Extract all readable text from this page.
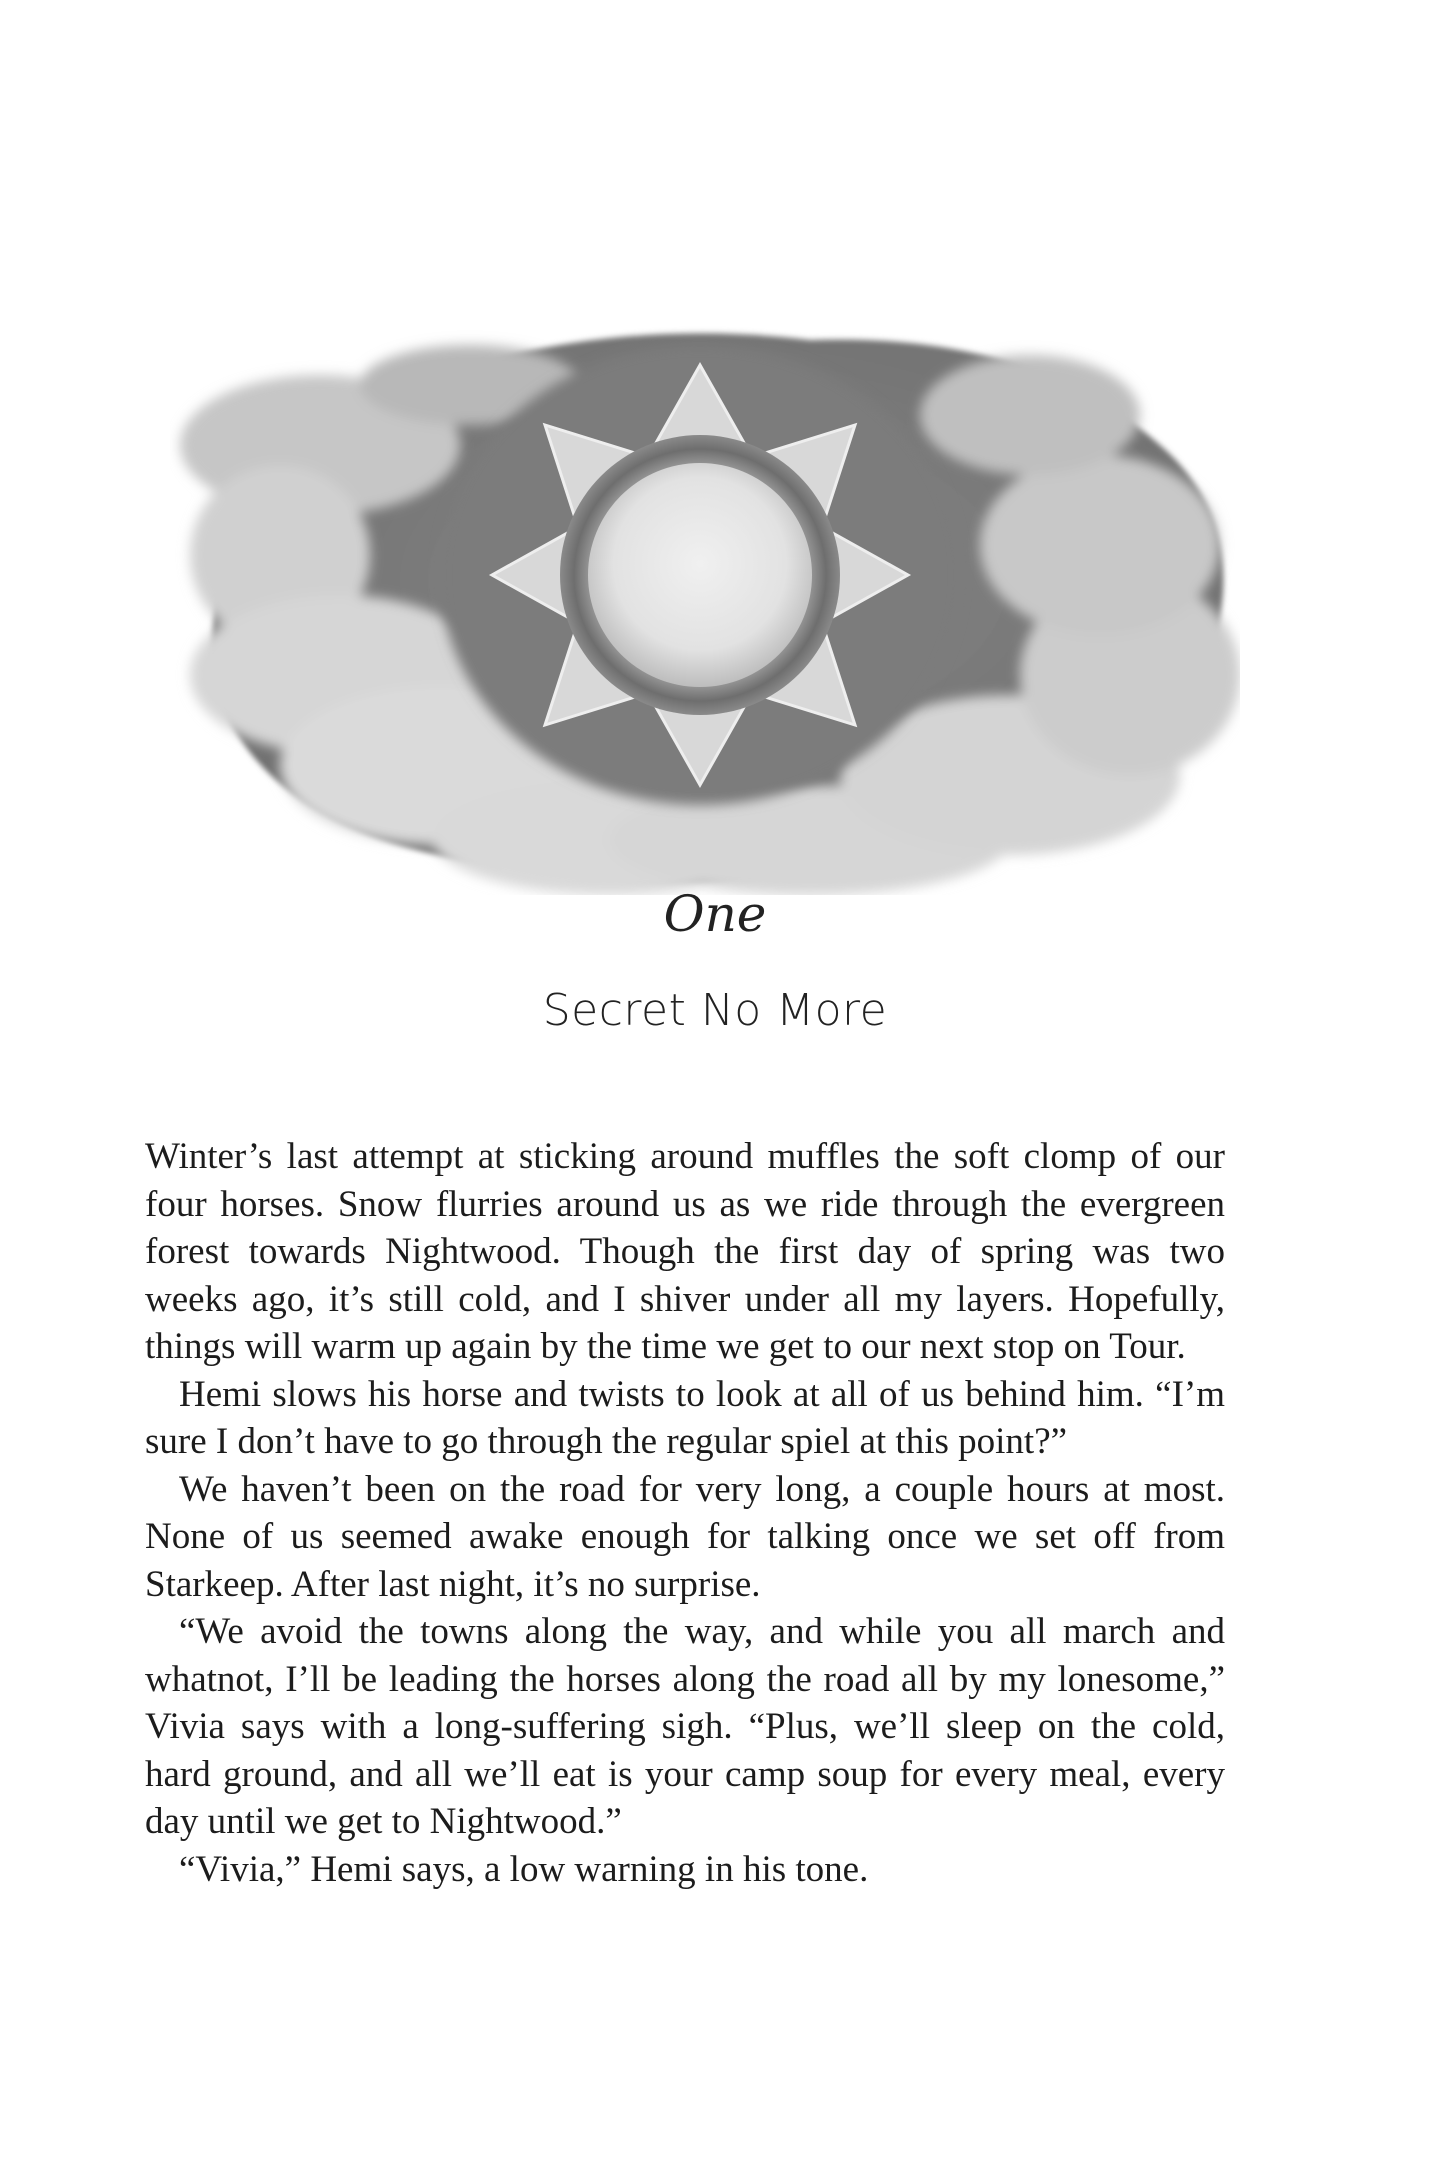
One
Secret No More

Winter’s last attempt at sticking around muffles the soft clomp of our four horses. Snow flurries around us as we ride through the evergreen forest towards Nightwood. Though the first day of spring was two weeks ago, it’s still cold, and I shiver under all my layers. Hopefully, things will warm up again by the time we get to our next stop on Tour.

Hemi slows his horse and twists to look at all of us behind him. “I’m sure I don’t have to go through the regular spiel at this point?”

We haven’t been on the road for very long, a couple hours at most. None of us seemed awake enough for talking once we set off from Starkeep. After last night, it’s no surprise.

“We avoid the towns along the way, and while you all march and whatnot, I’ll be leading the horses along the road all by my lonesome,” Vivia says with a long-suffering sigh. “Plus, we’ll sleep on the cold, hard ground, and all we’ll eat is your camp soup for every meal, every day until we get to Nightwood.”

“Vivia,” Hemi says, a low warning in his tone.
